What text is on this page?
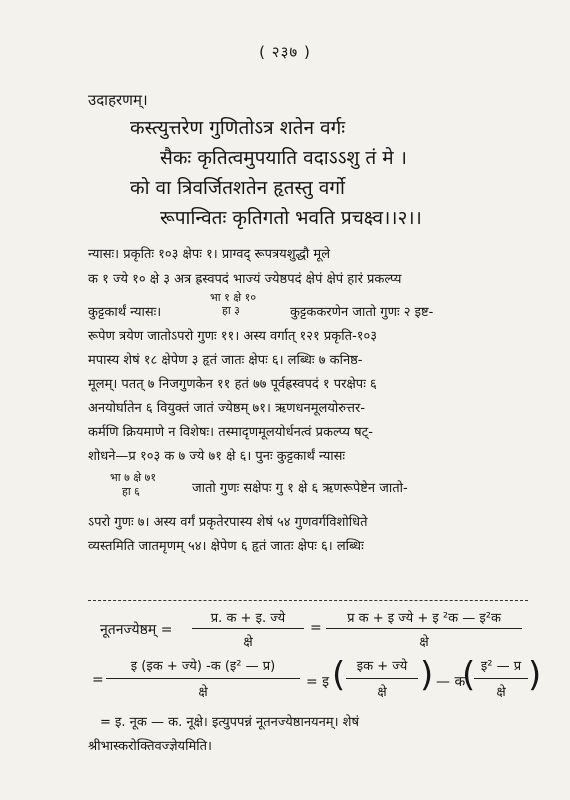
( २३७ )
उदाहरणम्।
कस्त्युत्तरेण गुणितोऽत्र शतेन वर्गः
सैकः कृतित्वमुपयाति वदाऽऽशु तं मे ।
को वा त्रिवर्जितशतेन हृतस्तु वर्गो
रूपान्वितः कृतिगतो भवति प्रचक्ष्व।।२।।
न्यासः। प्रकृतिः १०३ क्षेपः १। प्राग्वद् रूपत्रयशुद्धौ मूले
क १ ज्ये १० क्षे ३ अत्र ह्रस्वपदं भाज्यं ज्येष्ठपदं क्षेपं क्षेपं हारं प्रकल्प्य
कुट्टकार्थं न्यासः।
भा १ क्षे १०
हा ३	कुट्टककरणेन जातो गुणः २ इष्ट-
रूपेण त्रयेण जातोऽपरो गुणः ११। अस्य वर्गात् १२१ प्रकृति-१०३
मपास्य शेषं १८ क्षेपेण ३ हृतं जातः क्षेपः ६। लब्धिः ७ कनिष्ठ-
मूलम्। पतत् ७ निजगुणकेन ११ हतं ७७ पूर्वह्रस्वपदं १ परक्षेपः ६
अनयोर्घातेन ६ वियुक्तं जातं ज्येष्ठम् ७१। ऋणधनमूलयोरुत्तर-
कर्मणि क्रियमाणे न विशेषः। तस्मादृणमूलयोर्धनत्वं प्रकल्प्य षट्-
शोधने—प्र १०३ क ७ ज्ये ७१ क्षे ६। पुनः कुट्टकार्थं न्यासः
भा ७ क्षे ७१
हा ६	जातो गुणः सक्षेपः गु १ क्षे ६ ऋणरूपेष्टेन जातो-
ऽपरो गुणः ७। अस्य वर्गं प्रकृतेरपास्य शेषं ५४ गुणवर्गविशोधिते
व्यस्तमिति जातमृणम् ५४। क्षेपेण ६ हृतं जातः क्षेपः ६। लब्धिः
नूतनज्येष्ठम् =
प्र. क + इ. ज्ये
क्षे
=
प्र क + इ ज्ये + इ ²क — इ²क
क्षे
=
इ (इक + ज्ये) -क (इ² — प्र)
क्षे
= इ ( इक + ज्ये
क्षे ) — क
( इ² — प्र
क्षे )
= इ. नूक — क. नूक्षे। इत्युपपन्नं नूतनज्येष्ठानयनम्। शेषं
श्रीभास्करोक्तिवज्ज्ञेयमिति।
